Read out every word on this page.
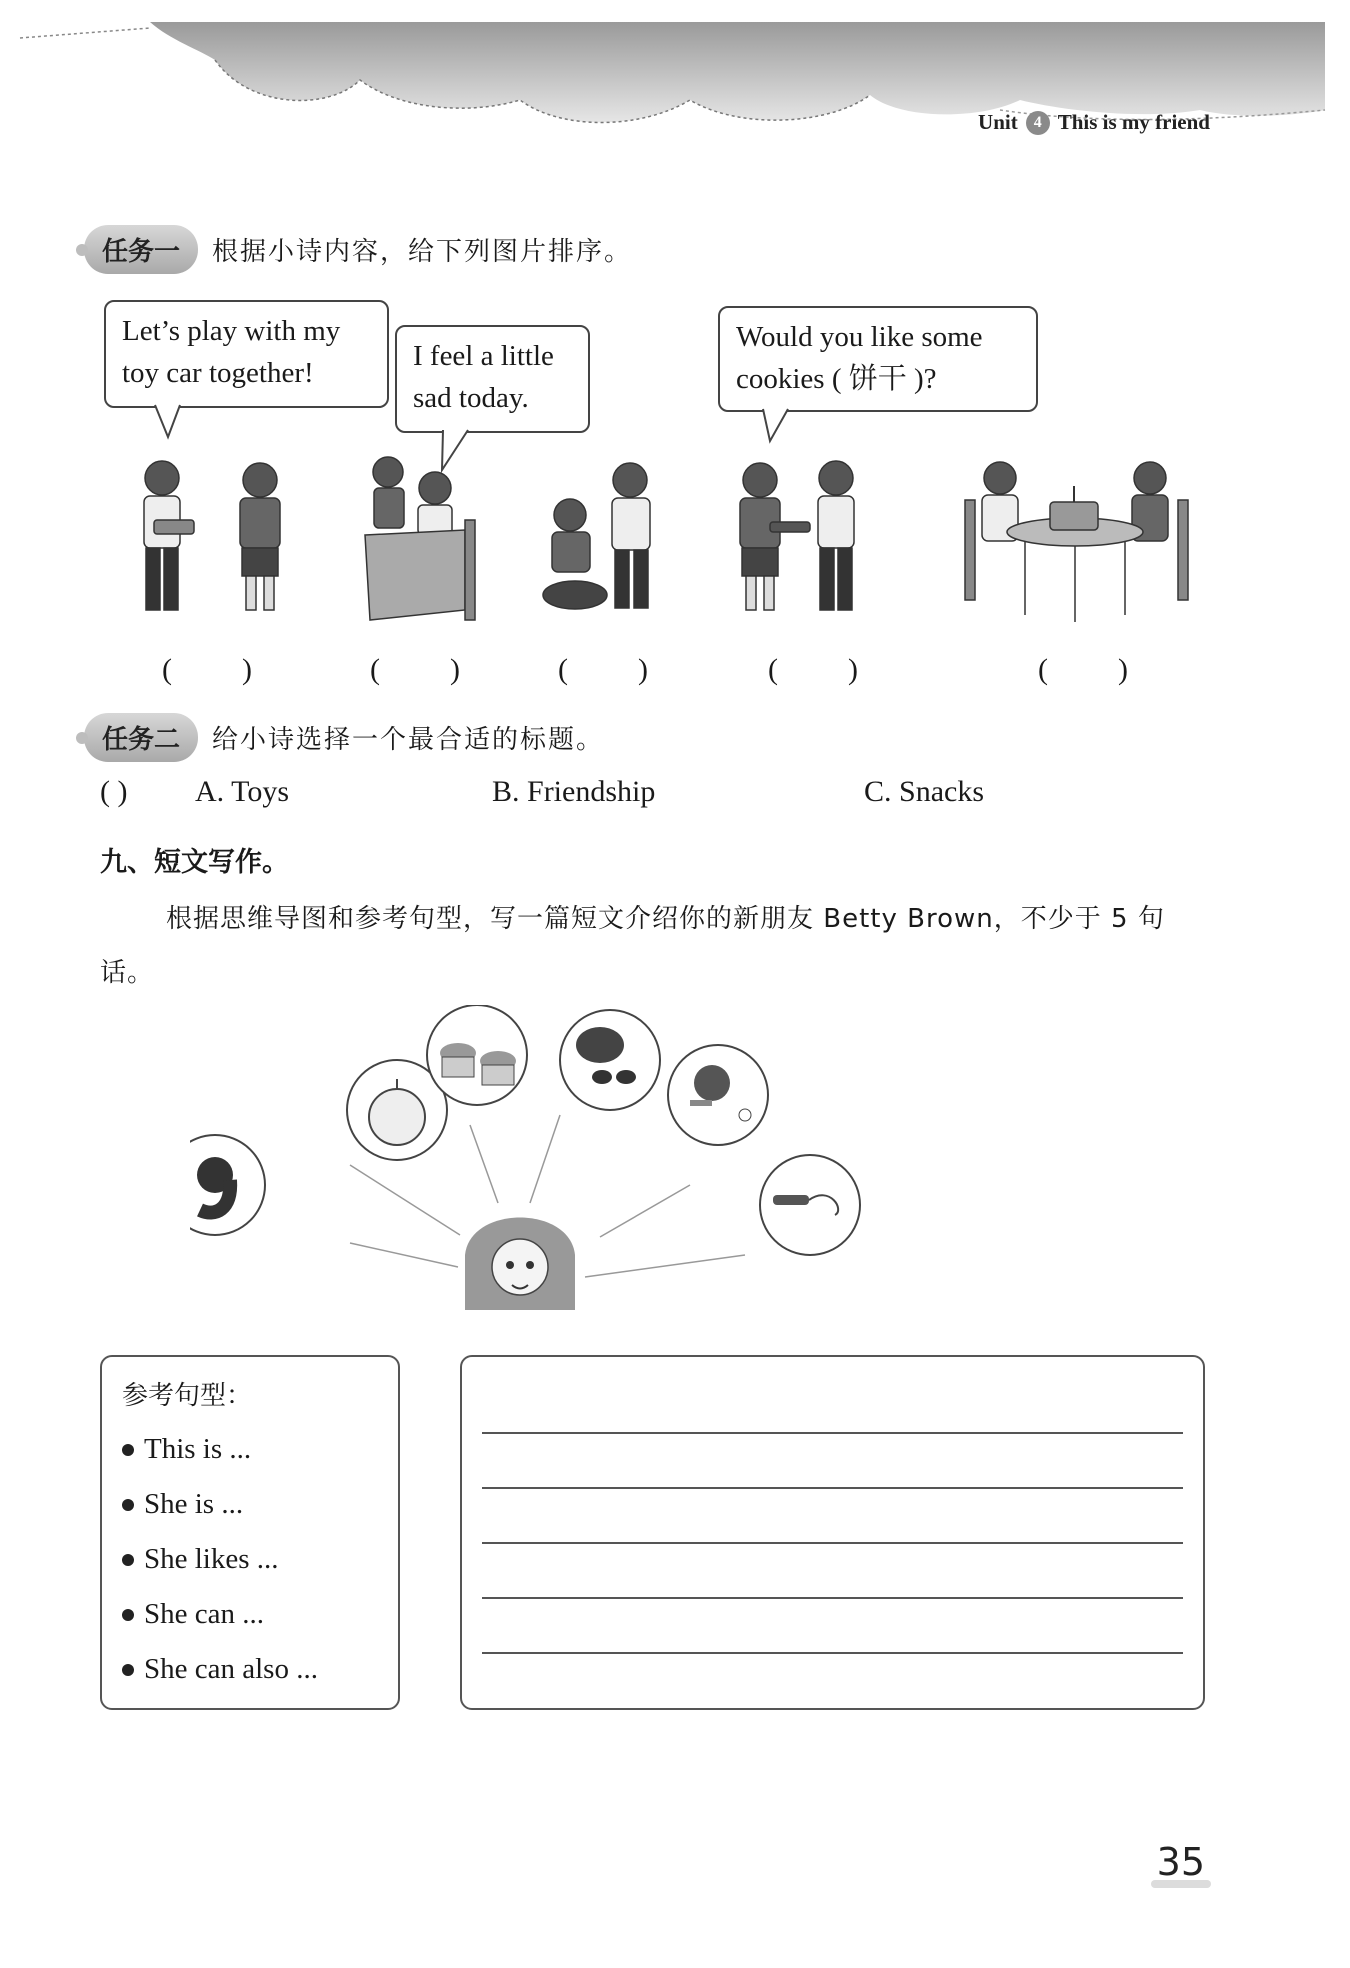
Unit	4 This is my friend
任务一	根据小诗内容，给下列图片排序。
Let’s play with my
toy car together!
I feel a little
sad today.
Would you like some
cookies ( 饼干 )?
( )	( )	( )	( )	( )
任务二	给小诗选择一个最合适的标题。
( ) A. Toys	B. Friendship	C. Snacks
九、短文写作。
根据思维导图和参考句型，写一篇短文介绍你的新朋友 Betty Brown，不少于 5 句话。
参考句型：
This is ...
She is ...
She likes ...
She can ...
She can also ...
35
